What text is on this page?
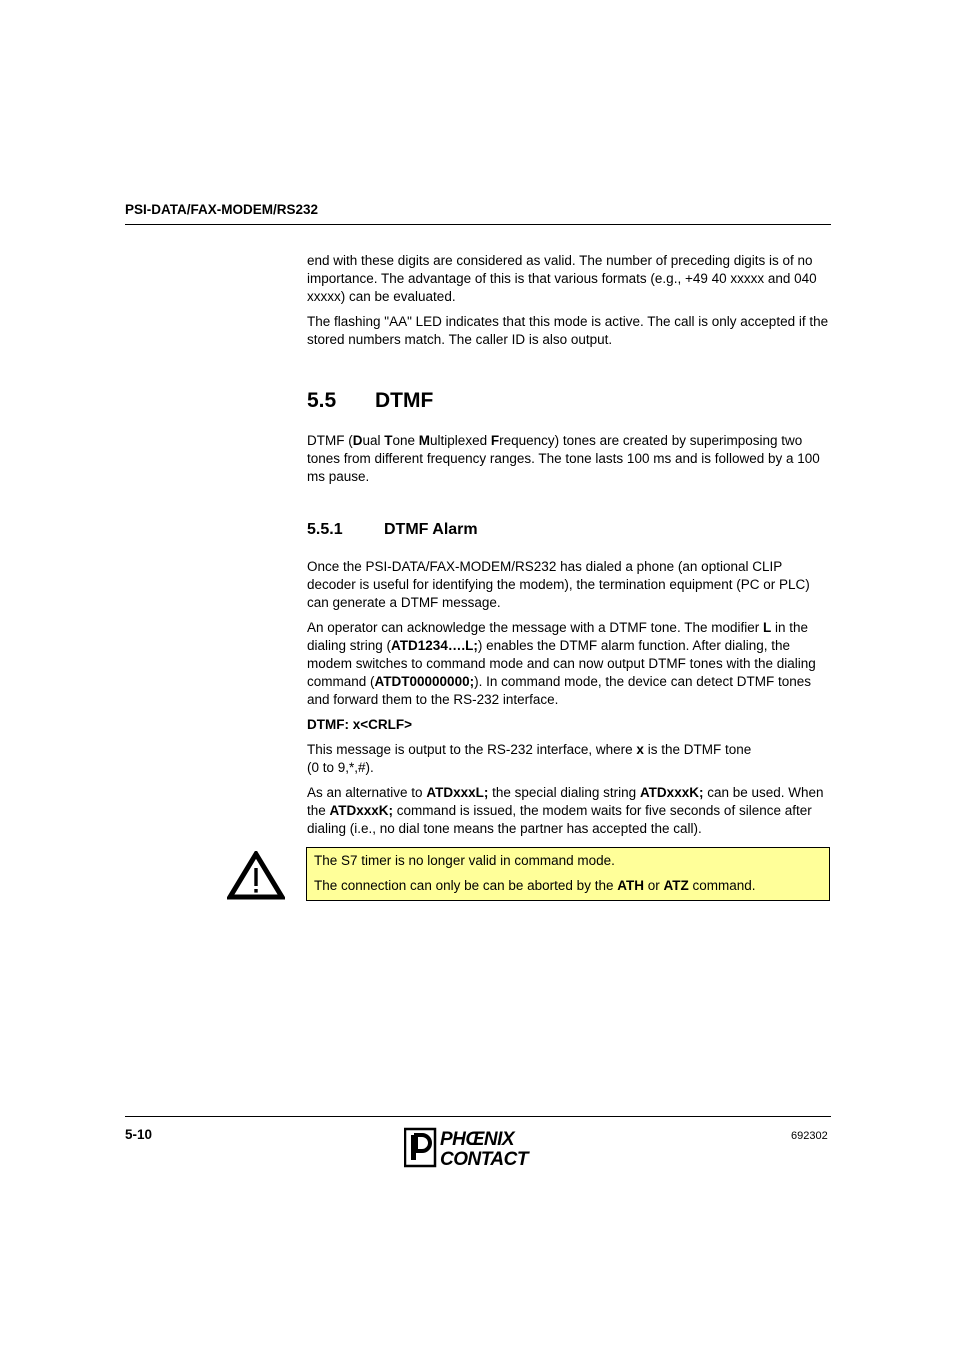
PSI-DATA/FAX-MODEM/RS232

end with these digits are considered as valid. The number of preceding digits is of no importance. The advantage of this is that various formats (e.g., +49 40 xxxxx and 040 xxxxx) can be evaluated.

The flashing "AA" LED indicates that this mode is active. The call is only accepted if the stored numbers match. The caller ID is also output.

5.5 DTMF

DTMF (Dual Tone Multiplexed Frequency) tones are created by superimposing two tones from different frequency ranges. The tone lasts 100 ms and is followed by a 100 ms pause.

5.5.1	DTMF Alarm

Once the PSI-DATA/FAX-MODEM/RS232 has dialed a phone (an optional CLIP decoder is useful for identifying the modem), the termination equipment (PC or PLC) can generate a DTMF message.

An operator can acknowledge the message with a DTMF tone. The modifier L in the dialing string (ATD1234….L;) enables the DTMF alarm function. After dialing, the modem switches to command mode and can now output DTMF tones with the dialing command (ATDT00000000;). In command mode, the device can detect DTMF tones and forward them to the RS-232 interface.

DTMF: x<CRLF>

This message is output to the RS-232 interface, where x is the DTMF tone
(0 to 9,*,#).

As an alternative to ATDxxxL; the special dialing string ATDxxxK; can be used. When the ATDxxxK; command is issued, the modem waits for five seconds of silence after dialing (i.e., no dial tone means the partner has accepted the call).

The S7 timer is no longer valid in command mode.
The connection can only be can be aborted by the ATH or ATZ command.
5-10	PHŒNIX
CONTACT
692302
